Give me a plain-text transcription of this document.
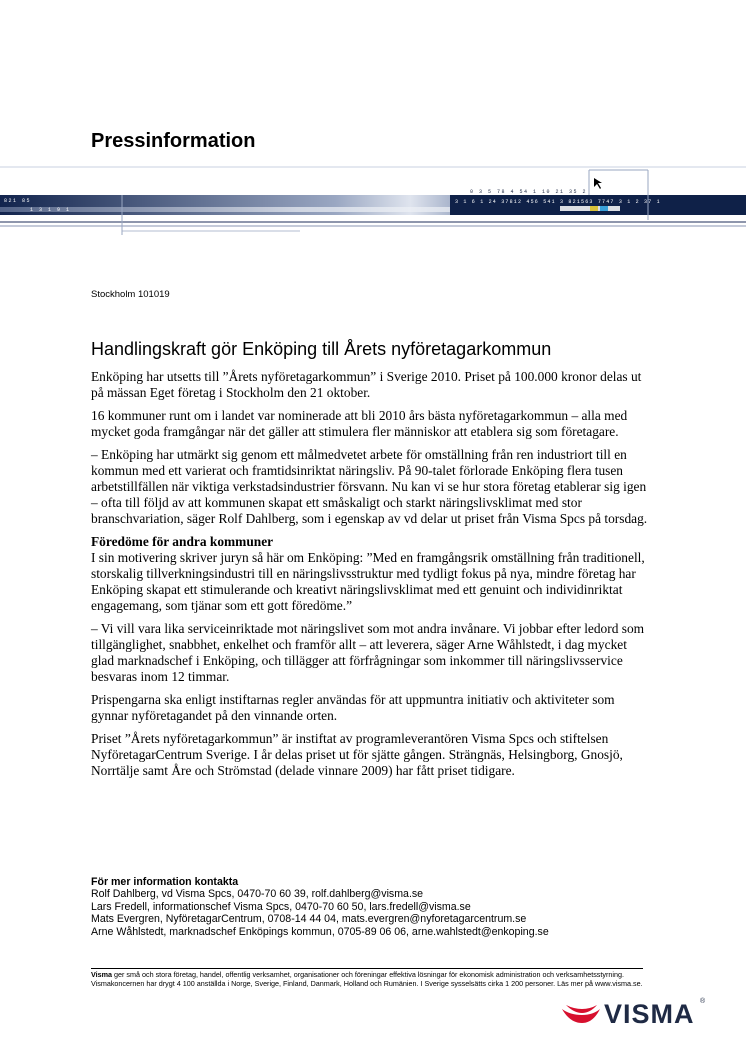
Pressinformation
0 3 5 78 4 54 1 10 21 35 2
3 1 6 1 24 37812 456 541 3 821563 7747 3 1 2 37 1
821 85
1 3 1 9 1
Stockholm 101019
Handlingskraft gör Enköping till Årets nyföretagarkommun

Enköping har utsetts till ”Årets nyföretagarkommun” i Sverige 2010. Priset på 100.000 kronor delas ut på mässan Eget företag i Stockholm den 21 oktober.

16 kommuner runt om i landet var nominerade att bli 2010 års bästa nyföretagarkommun – alla med mycket goda framgångar när det gäller att stimulera fler människor att etablera sig som företagare.

– Enköping har utmärkt sig genom ett målmedvetet arbete för omställning från ren industriort till en kommun med ett varierat och framtidsinriktat näringsliv. På 90-talet förlorade Enköping flera tusen arbetstillfällen när viktiga verkstadsindustrier försvann. Nu kan vi se hur stora företag etablerar sig igen – ofta till följd av att kommunen skapat ett småskaligt och starkt näringslivsklimat med stor branschvariation, säger Rolf Dahlberg, som i egenskap av vd delar ut priset från Visma Spcs på torsdag.

Föredöme för andra kommuner
I sin motivering skriver juryn så här om Enköping: ”Med en framgångsrik omställning från traditionell, storskalig tillverkningsindustri till en näringslivsstruktur med tydligt fokus på nya, mindre företag har Enköping skapat ett stimulerande och kreativt näringslivsklimat med ett genuint och individinriktat engagemang, som tjänar som ett gott föredöme.”

– Vi vill vara lika serviceinriktade mot näringslivet som mot andra invånare. Vi jobbar efter ledord som tillgänglighet, snabbhet, enkelhet och framför allt – att leverera, säger Arne Wåhlstedt, i dag mycket glad marknadschef i Enköping, och tillägger att förfrågningar som inkommer till näringslivsservice besvaras inom 12 timmar.

Prispengarna ska enligt instiftarnas regler användas för att uppmuntra initiativ och aktiviteter som gynnar nyföretagandet på den vinnande orten.

Priset ”Årets nyföretagarkommun” är instiftat av programleverantören Visma Spcs och stiftelsen NyföretagarCentrum Sverige. I år delas priset ut för sjätte gången. Strängnäs, Helsingborg, Gnosjö, Norrtälje samt Åre och Strömstad (delade vinnare 2009) har fått priset tidigare.

För mer information kontakta
Rolf Dahlberg, vd Visma Spcs, 0470-70 60 39, rolf.dahlberg@visma.se
Lars Fredell, informationschef Visma Spcs, 0470-70 60 50, lars.fredell@visma.se
Mats Evergren, NyföretagarCentrum, 0708-14 44 04, mats.evergren@nyforetagarcentrum.se
Arne Wåhlstedt, marknadschef Enköpings kommun, 0705-89 06 06, arne.wahlstedt@enkoping.se
Visma ger små och stora företag, handel, offentlig verksamhet, organisationer och föreningar effektiva lösningar för ekonomisk administration och verksamhetsstyrning. Vismakoncernen har drygt 4 100 anställda i Norge, Sverige, Finland, Danmark, Holland och Rumänien. I Sverige sysselsätts cirka 1 200 personer. Läs mer på www.visma.se.
VISMA ®
